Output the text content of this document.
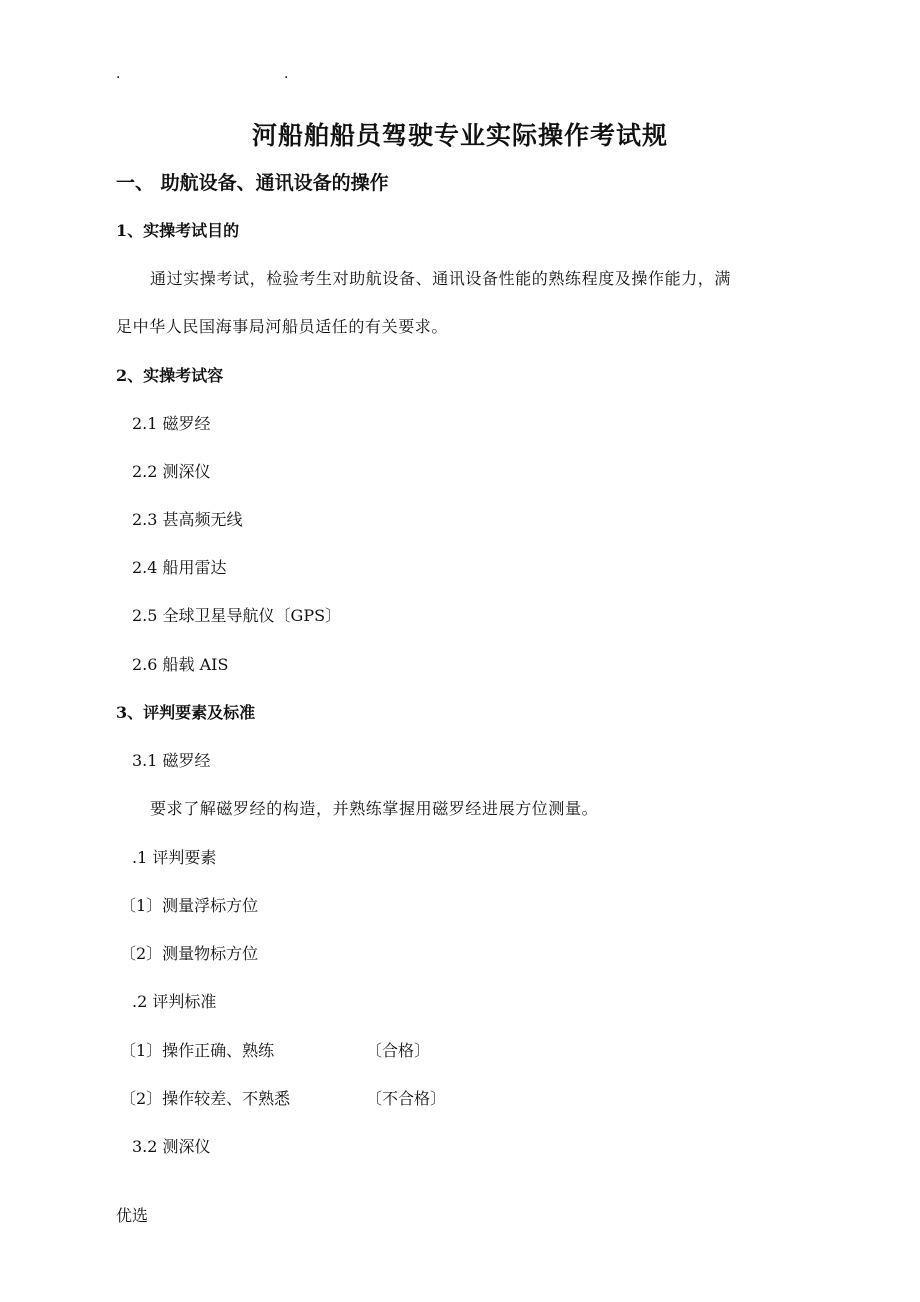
.	.
河船舶船员驾驶专业实际操作考试规
一、 助航设备、通讯设备的操作
1、实操考试目的
通过实操考试，检验考生对助航设备、通讯设备性能的熟练程度及操作能力，满
足中华人民国海事局河船员适任的有关要求。
2、实操考试容
2.1 磁罗经
2.2 测深仪
2.3 甚高频无线
2.4 船用雷达
2.5 全球卫星导航仪〔GPS〕
2.6 船载 AIS
3、评判要素及标准
3.1 磁罗经
要求了解磁罗经的构造，并熟练掌握用磁罗经进展方位测量。
.1 评判要素
〔1〕测量浮标方位
〔2〕测量物标方位
.2 评判标准
〔1〕操作正确、熟练	〔合格〕
〔2〕操作较差、不熟悉	〔不合格〕
3.2 测深仪
优选
